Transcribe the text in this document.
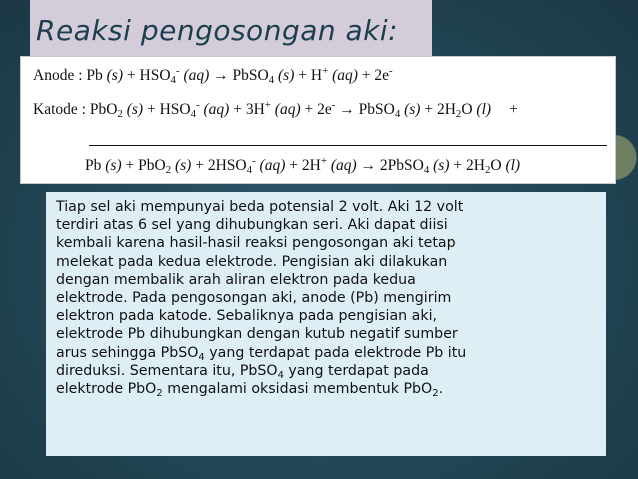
Reaksi pengosongan aki:
Anode : Pb $(s) + HSO_4^-$ (aq) → PbSO$_4$ (s) + H+ (aq) + 2e-
Katode : PbO$_2$ $(s) + HSO_4^-$ (aq) + 3H+ (aq) + 2e- → PbSO$_4$ $(s) + 2H_2O$ (l) +
Pb (s) + PbO$_2$ $(s) + 2HSO_4^-$ (aq) + 2H+ (aq) → 2PbSO$_4$ $(s) + 2H_2O$ (l)

Tiap sel aki mempunyai beda potensial 2 volt. Aki 12 volt
terdiri atas 6 sel yang dihubungkan seri. Aki dapat diisi
kembali karena hasil-hasil reaksi pengosongan aki tetap
melekat pada kedua elektrode. Pengisian aki dilakukan
dengan membalik arah aliran elektron pada kedua
elektrode. Pada pengosongan aki, anode (Pb) mengirim
elektron pada katode. Sebaliknya pada pengisian aki,
elektrode Pb dihubungkan dengan kutub negatif sumber
arus sehingga PbSO$_4$ yang terdapat pada elektrode Pb itu
direduksi. Sementara itu, PbSO$_4$ yang terdapat pada
elektrode PbO$_2$ mengalami oksidasi membentuk PbO$_2$.
